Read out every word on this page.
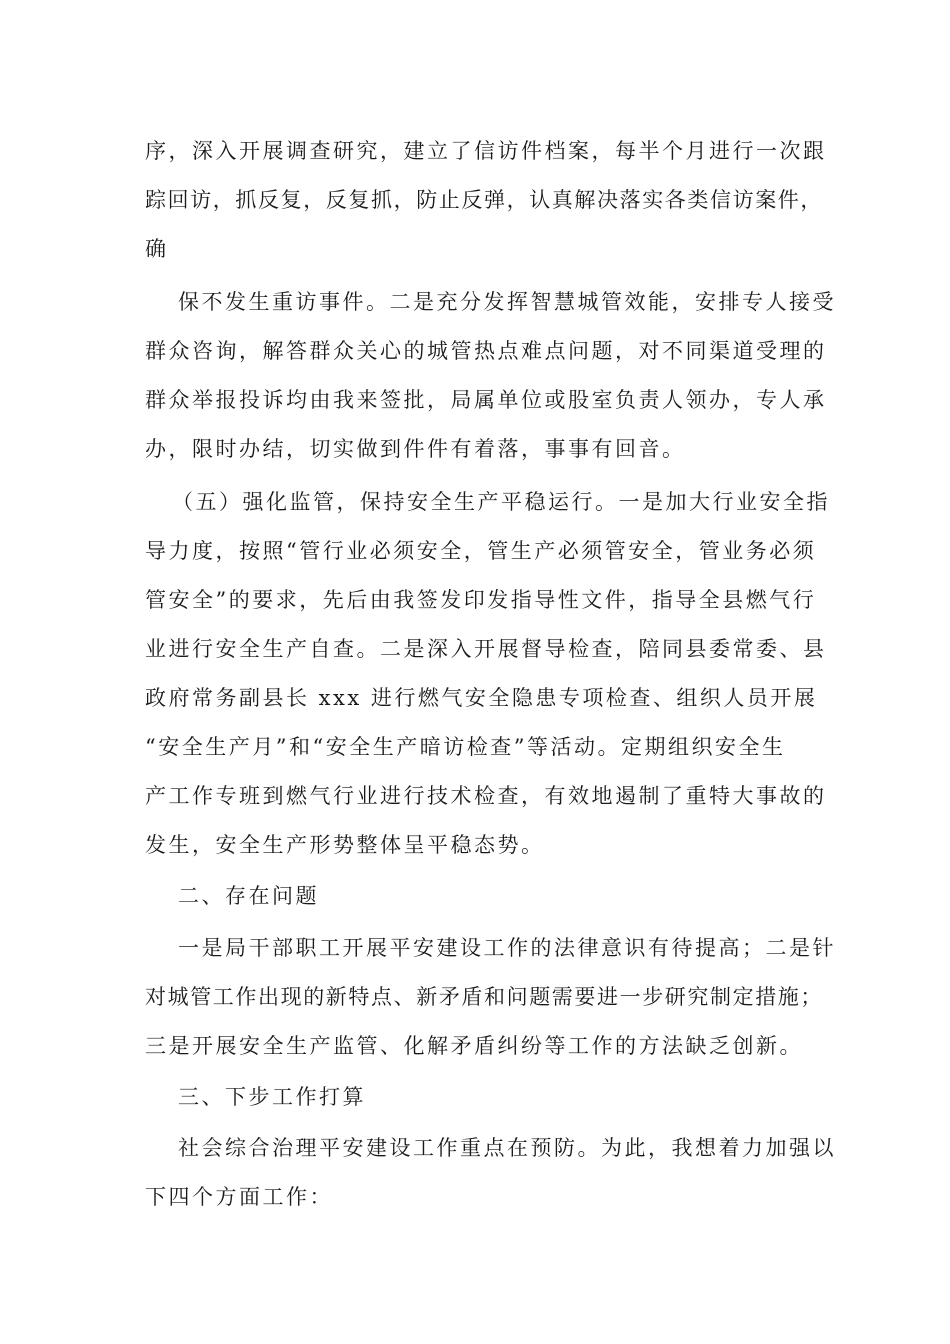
序，深入开展调查研究，建立了信访件档案，每半个月进行一次跟
踪回访，抓反复，反复抓，防止反弹，认真解决落实各类信访案件，
确
保不发生重访事件。二是充分发挥智慧城管效能，安排专人接受
群众咨询，解答群众关心的城管热点难点问题，对不同渠道受理的
群众举报投诉均由我来签批，局属单位或股室负责人领办，专人承
办，限时办结，切实做到件件有着落，事事有回音。
（五）强化监管，保持安全生产平稳运行。一是加大行业安全指
导力度，按照“管行业必须安全，管生产必须管安全，管业务必须
管安全”的要求，先后由我签发印发指导性文件，指导全县燃气行
业进行安全生产自查。二是深入开展督导检查，陪同县委常委、县
政府常务副县长 xxx 进行燃气安全隐患专项检查、组织人员开展
“安全生产月”和“安全生产暗访检查”等活动。定期组织安全生
产工作专班到燃气行业进行技术检查，有效地遏制了重特大事故的
发生，安全生产形势整体呈平稳态势。
二、存在问题
一是局干部职工开展平安建设工作的法律意识有待提高；二是针
对城管工作出现的新特点、新矛盾和问题需要进一步研究制定措施；
三是开展安全生产监管、化解矛盾纠纷等工作的方法缺乏创新。
三、下步工作打算
社会综合治理平安建设工作重点在预防。为此，我想着力加强以
下四个方面工作：
